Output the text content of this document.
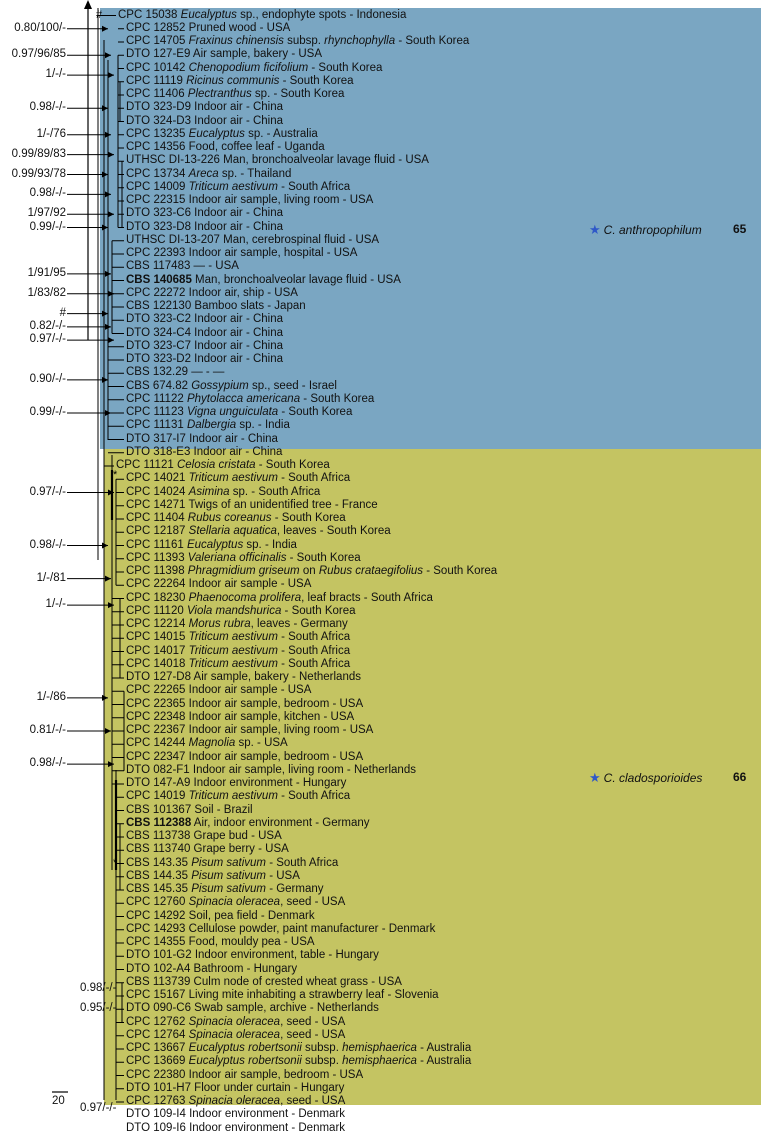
#
*
*
CPC 15038 Eucalyptus sp., endophyte spots - Indonesia
CPC 12852 Pruned wood - USA
CPC 14705 Fraxinus chinensis subsp. rhynchophylla - South Korea
DTO 127-E9 Air sample, bakery - USA
CPC 10142 Chenopodium ficifolium - South Korea
CPC 11119 Ricinus communis - South Korea
CPC 11406 Plectranthus sp. - South Korea
DTO 323-D9 Indoor air - China
DTO 324-D3 Indoor air - China
CPC 13235 Eucalyptus sp. - Australia
CPC 14356 Food, coffee leaf - Uganda
UTHSC DI-13-226 Man, bronchoalveolar lavage fluid - USA
CPC 13734 Areca sp. - Thailand
CPC 14009 Triticum aestivum - South Africa
CPC 22315 Indoor air sample, living room - USA
DTO 323-C6 Indoor air - China
DTO 323-D8 Indoor air - China
UTHSC DI-13-207 Man, cerebrospinal fluid - USA
CPC 22393 Indoor air sample, hospital - USA
CBS 117483 — - USA
CBS 140685 Man, bronchoalveolar lavage fluid - USA
CPC 22272 Indoor air, ship - USA
CBS 122130 Bamboo slats - Japan
DTO 323-C2 Indoor air - China
DTO 324-C4 Indoor air - China
DTO 323-C7 Indoor air - China
DTO 323-D2 Indoor air - China
CBS 132.29 — - —
CBS 674.82 Gossypium sp., seed - Israel
CPC 11122 Phytolacca americana - South Korea
CPC 11123 Vigna unguiculata - South Korea
CPC 11131 Dalbergia sp. - India
DTO 317-I7 Indoor air - China
DTO 318-E3 Indoor air - China
CPC 11121 Celosia cristata - South Korea
CPC 14021 Triticum aestivum - South Africa
CPC 14024 Asimina sp. - South Africa
CPC 14271 Twigs of an unidentified tree - France
CPC 11404 Rubus coreanus - South Korea
CPC 12187 Stellaria aquatica, leaves - South Korea
CPC 11161 Eucalyptus sp. - India
CPC 11393 Valeriana officinalis - South Korea
CPC 11398 Phragmidium griseum on Rubus crataegifolius - South Korea
CPC 22264 Indoor air sample - USA
CPC 18230 Phaenocoma prolifera, leaf bracts - South Africa
CPC 11120 Viola mandshurica - South Korea
CPC 12214 Morus rubra, leaves - Germany
CPC 14015 Triticum aestivum - South Africa
CPC 14017 Triticum aestivum - South Africa
CPC 14018 Triticum aestivum - South Africa
DTO 127-D8 Air sample, bakery - Netherlands
CPC 22265 Indoor air sample - USA
CPC 22365 Indoor air sample, bedroom - USA
CPC 22348 Indoor air sample, kitchen - USA
CPC 22367 Indoor air sample, living room - USA
CPC 14244 Magnolia sp. - USA
CPC 22347 Indoor air sample, bedroom - USA
DTO 082-F1 Indoor air sample, living room - Netherlands
DTO 147-A9 Indoor environment - Hungary
CPC 14019 Triticum aestivum - South Africa
CBS 101367 Soil - Brazil
CBS 112388 Air, indoor environment - Germany
CBS 113738 Grape bud - USA
CBS 113740 Grape berry - USA
CBS 143.35 Pisum sativum - South Africa
CBS 144.35 Pisum sativum - USA
CBS 145.35 Pisum sativum - Germany
CPC 12760 Spinacia oleracea, seed - USA
CPC 14292 Soil, pea field - Denmark
CPC 14293 Cellulose powder, paint manufacturer - Denmark
CPC 14355 Food, mouldy pea - USA
DTO 101-G2 Indoor environment, table - Hungary
DTO 102-A4 Bathroom - Hungary
CBS 113739 Culm node of crested wheat grass - USA
CPC 15167 Living mite inhabiting a strawberry leaf - Slovenia
DTO 090-C6 Swab sample, archive - Netherlands
CPC 12762 Spinacia oleracea, seed - USA
CPC 12764 Spinacia oleracea, seed - USA
CPC 13667 Eucalyptus robertsonii subsp. hemisphaerica - Australia
CPC 13669 Eucalyptus robertsonii subsp. hemisphaerica - Australia
CPC 22380 Indoor air sample, bedroom - USA
DTO 101-H7 Floor under curtain - Hungary
CPC 12763 Spinacia oleracea, seed - USA
DTO 109-I4 Indoor environment - Denmark
DTO 109-I6 Indoor environment - Denmark
0.80/100/-
0.97/96/85
1/-/-
0.98/-/-
1/-/76
0.99/89/83
0.99/93/78
0.98/-/-
1/97/92
0.99/-/-
1/91/95
1/83/82
#
0.82/-/-
0.97/-/-
0.90/-/-
0.99/-/-
0.97/-/-
0.98/-/-
1/-/81
1/-/-
1/-/86
0.81/-/-
0.98/-/-
0.98/-/-
0.95/-/-
0.97/-/-
★ C. anthropophilum	65
★ C. cladosporioides	66
20
